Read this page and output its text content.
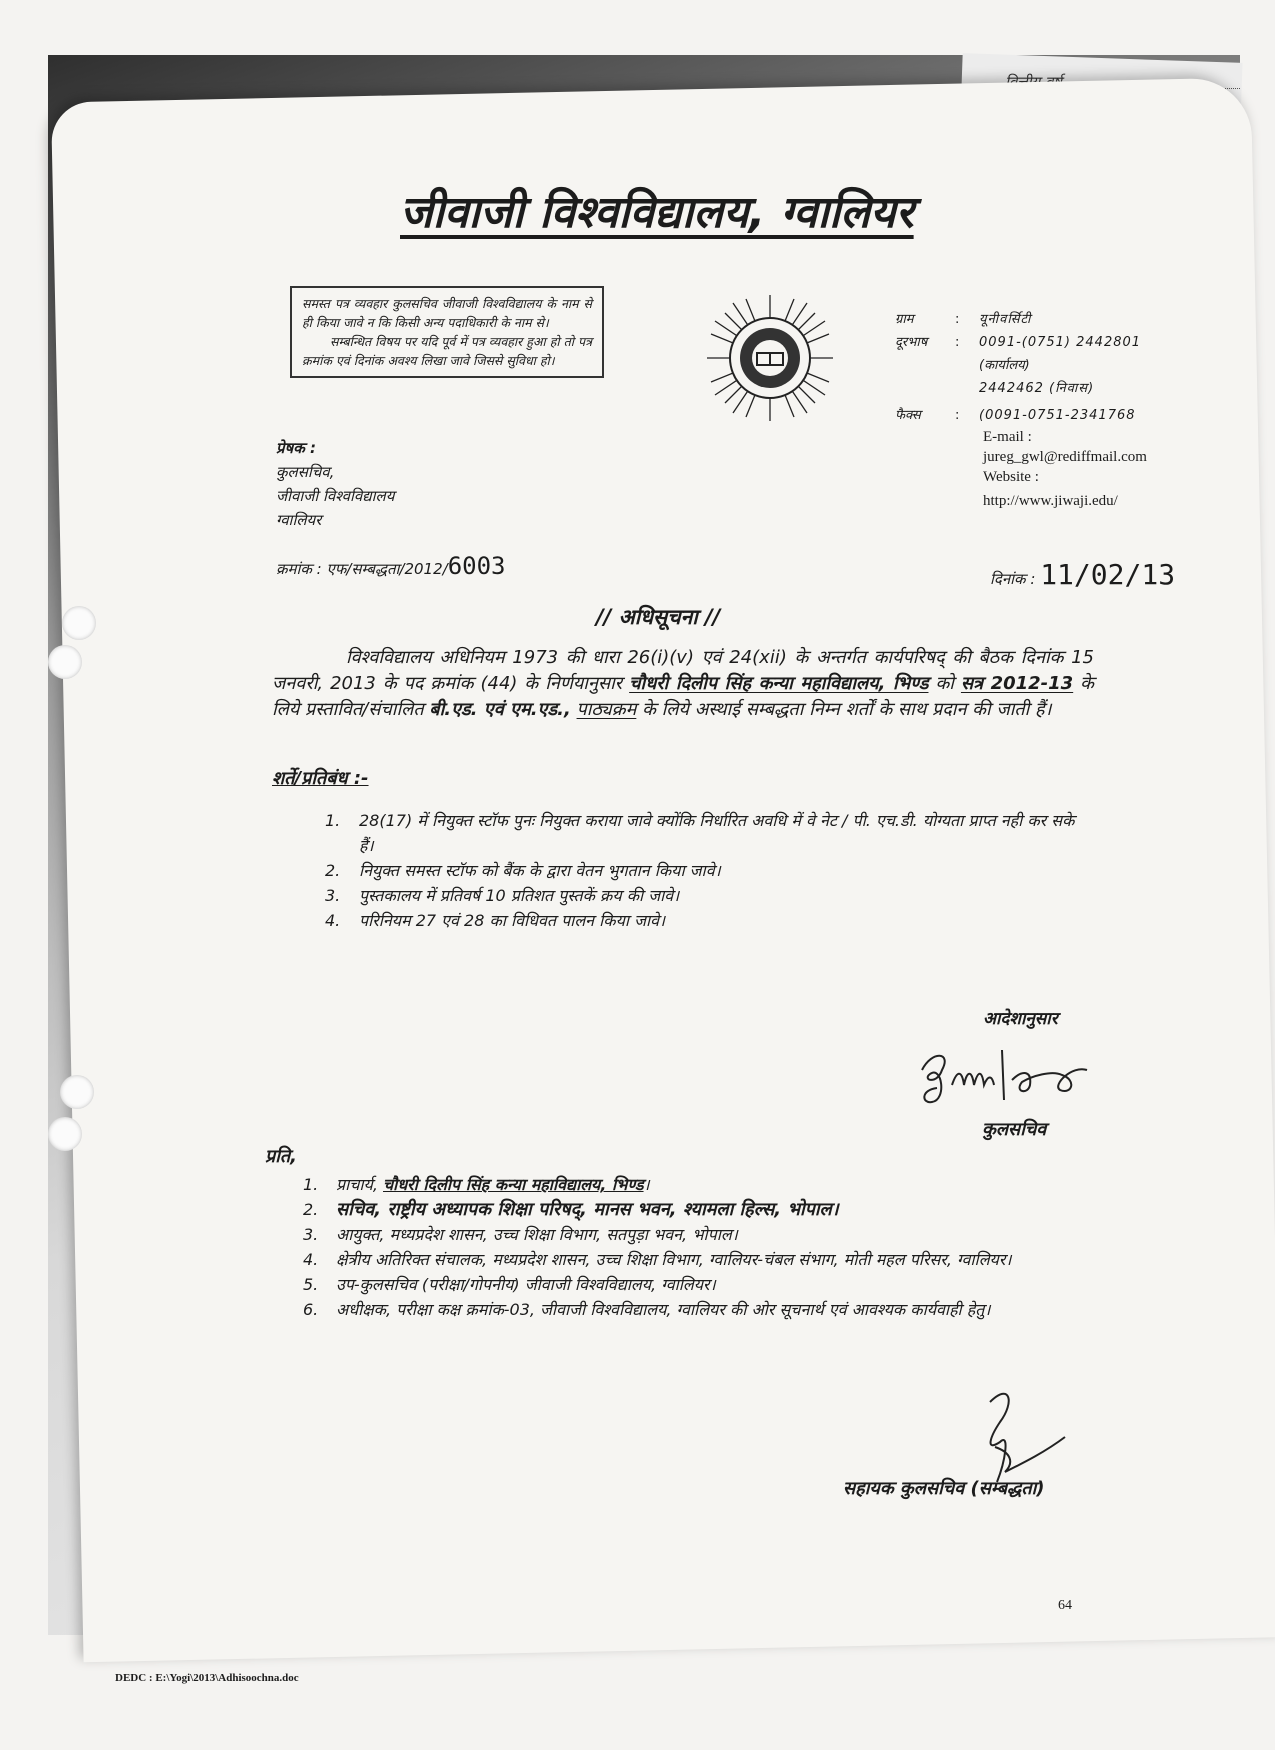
जीवाजी विश्वविद्यालय, ग्वालियर

समस्त पत्र व्यवहार कुलसचिव जीवाजी विश्वविद्यालय के नाम से ही किया जावे न कि किसी अन्य पदाधिकारी के नाम से।

सम्बन्धित विषय पर यदि पूर्व में पत्र व्यवहार हुआ हो तो पत्र क्रमांक एवं दिनांक अवश्य लिखा जावे जिससे सुविधा हो।

ग्राम	:	यूनीवर्सिटी
दूरभाष	:	0091-(0751) 2442801
(कार्यालय)
2442462 (निवास)
फैक्स	:	(0091-0751-2341768
E-mail :
jureg_gwl@rediffmail.com
Website :
http://www.jiwaji.edu/
प्रेषक :
कुलसचिव,
जीवाजी विश्वविद्यालय
ग्वालियर
क्रमांक : एफ/सम्बद्धता/2012/6003	दिनांक : 11/02/13
// अधिसूचना //
विश्वविद्यालय अधिनियम 1973 की धारा 26(i)(v) एवं 24(xii) के अन्तर्गत कार्यपरिषद् की बैठक दिनांक 15 जनवरी, 2013 के पद क्रमांक (44) के निर्णयानुसार चौधरी दिलीप सिंह कन्या महाविद्यालय, भिण्ड को सत्र 2012-13 के लिये प्रस्तावित/संचालित बी.एड. एवं एम.एड., पाठ्यक्रम के लिये अस्थाई सम्बद्धता निम्न शर्तों के साथ प्रदान की जाती हैं।
शर्ते/प्रतिबंध :-
1.	28(17) में नियुक्त स्टॉफ पुनः नियुक्त कराया जावे क्योंकि निर्धारित अवधि में वे नेट / पी. एच.डी. योग्यता प्राप्त नही कर सके हैं।
2.	नियुक्त समस्त स्टॉफ को बैंक के द्वारा वेतन भुगतान किया जावे।
3.	पुस्तकालय में प्रतिवर्ष 10 प्रतिशत पुस्तकें क्रय की जावे।
4.	परिनियम 27 एवं 28 का विधिवत पालन किया जावे।
आदेशानुसार
कुलसचिव
प्रति,
1.	प्राचार्य, चौधरी दिलीप सिंह कन्या महाविद्यालय, भिण्ड।
2. सचिव, राष्ट्रीय अध्यापक शिक्षा परिषद्, मानस भवन, श्यामला हिल्स, भोपाल।
3.	आयुक्त, मध्यप्रदेश शासन, उच्च शिक्षा विभाग, सतपुड़ा भवन, भोपाल।
4.	क्षेत्रीय अतिरिक्त संचालक, मध्यप्रदेश शासन, उच्च शिक्षा विभाग, ग्वालियर-चंबल संभाग, मोती महल परिसर, ग्वालियर।
5.	उप-कुलसचिव (परीक्षा/गोपनीय) जीवाजी विश्वविद्यालय, ग्वालियर।
6.	अधीक्षक, परीक्षा कक्ष क्रमांक-03, जीवाजी विश्वविद्यालय, ग्वालियर की ओर सूचनार्थ एवं आवश्यक कार्यवाही हेतु।
सहायक कुलसचिव (सम्बद्धता)
64
DEDC : E:\Yogi\2013\Adhisoochna.doc
